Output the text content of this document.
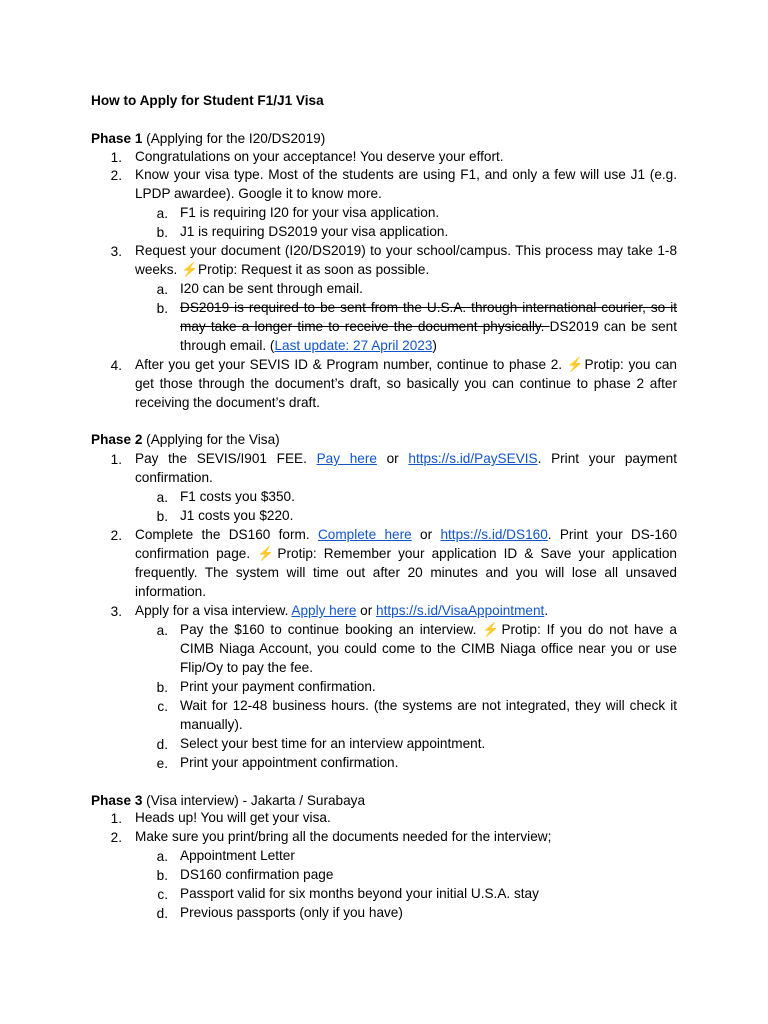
How to Apply for Student F1/J1 Visa
Phase 1 (Applying for the I20/DS2019)
1. Congratulations on your acceptance! You deserve your effort.
2. Know your visa type. Most of the students are using F1, and only a few will use J1 (e.g. LPDP awardee). Google it to know more.
a. F1 is requiring I20 for your visa application.
b. J1 is requiring DS2019 your visa application.
3. Request your document (I20/DS2019) to your school/campus. This process may take 1-8 weeks. ⚡Protip: Request it as soon as possible.
a. I20 can be sent through email.
b. DS2019 is required to be sent from the U.S.A. through international courier, so it may take a longer time to receive the document physically. DS2019 can be sent through email. (Last update: 27 April 2023)
4. After you get your SEVIS ID & Program number, continue to phase 2. ⚡Protip: you can get those through the document’s draft, so basically you can continue to phase 2 after receiving the document’s draft.
Phase 2 (Applying for the Visa)
1. Pay the SEVIS/I901 FEE. Pay here or https://s.id/PaySEVIS. Print your payment confirmation.
a. F1 costs you $350.
b. J1 costs you $220.
2. Complete the DS160 form. Complete here or https://s.id/DS160. Print your DS-160 confirmation page. ⚡Protip: Remember your application ID & Save your application frequently. The system will time out after 20 minutes and you will lose all unsaved information.
3. Apply for a visa interview. Apply here or https://s.id/VisaAppointment.
a. Pay the $160 to continue booking an interview. ⚡Protip: If you do not have a CIMB Niaga Account, you could come to the CIMB Niaga office near you or use Flip/Oy to pay the fee.
b. Print your payment confirmation.
c. Wait for 12-48 business hours. (the systems are not integrated, they will check it manually).
d. Select your best time for an interview appointment.
e. Print your appointment confirmation.
Phase 3 (Visa interview) - Jakarta / Surabaya
1. Heads up! You will get your visa.
2. Make sure you print/bring all the documents needed for the interview;
a. Appointment Letter
b. DS160 confirmation page
c. Passport valid for six months beyond your initial U.S.A. stay
d. Previous passports (only if you have)
